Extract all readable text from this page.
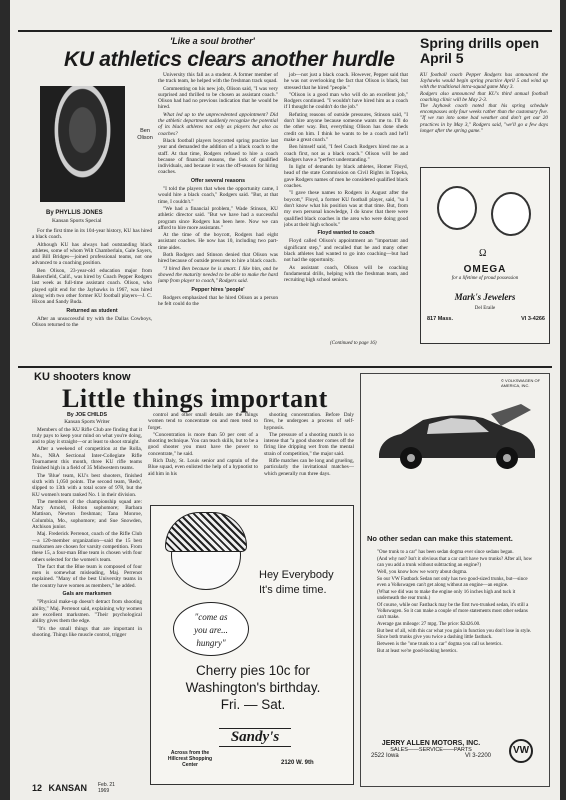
'Like a soul brother'
KU athletics clears another hurdle
Ben
Olison
By PHYLLIS JONES
Kansan Sports Special

For the first time in its 104-year history, KU has hired a black coach.

Although KU has always had outstanding black athletes, some of whom Wilt Chamberlain, Gale Sayers, and Bill Bridges—joined professional teams, not one advanced to a coaching position.

Ben Olison, 23-year-old education major from Bakersfield, Calif., was hired by Coach Pepper Rodgers last week as full-time assistant coach. Olison, who played split end for the Jayhawks in 1967, was hired along with two other former KU football players—J. C. Hixon and Sandy Buda.

Returned as student

After an unsuccessful try with the Dallas Cowboys, Olison returned to the

University this fall as a student. A former member of the track team, he helped with the freshman track squad.

Commenting on his new job, Olison said, "I was very surprised and thrilled to be chosen as assistant coach." Olison had had no previous indication that he would be hired.

What led up to the unprecedented appointment? Did the athletic department suddenly recognize the potential of its black athletes not only as players but also as coaches?

Black football players boycotted spring practice last year and demanded the addition of a black coach to the staff. At that time, Rodgers refused to hire a coach because of financial reasons, the lack of qualified individuals, and because it was the off-season for hiring coaches.

Offer several reasons

"I told the players that when the opportunity came, I would hire a black coach," Rodgers said. "But, at that time, I couldn't."

"We had a financial problem," Wade Stinson, KU athletic director said. "But we have had a successful program since Rodgers has been here. Now we can afford to hire more assistants."

At the time of the boycott, Rodgers had eight assistant coaches. He now has 10, including two part-time aides.

Both Rodgers and Stinson denied that Olison was hired because of outside pressures to hire a black coach.

"I hired Ben because he is smart. I like him, and he showed the maturity needed to be able to make the hard jump from player to coach," Rodgers said.

Pepper hires 'people'

Rodgers emphasized that he hired Olison as a person he felt could do the

job—not just a black coach. However, Pepper said that he was not overlooking the fact that Olison is black, but stressed that he hired "people."

"Olison is a good man who will do an excellent job," Rodgers continued. "I wouldn't have hired him as a coach if I thought he couldn't do the job."

Refuting reasons of outside pressures, Stinson said, "I don't hire anyone because someone wants me to. I'll do the other way. But, everything Olison has done sheds credit on him. I think he wants to be a coach and he'll make a great coach."

Ben himself said, "I feel Coach Rodgers hired me as a coach first, not as a black coach." Olison will be and Rodgers have a "perfect understanding."

In light of demands by black athletes, Homer Floyd, head of the state Commission on Civil Rights in Topeka, gave Rodgers names of men he considered qualified black coaches.

"I gave these names to Rodgers in August after the boycott," Floyd, a former KU football player, said, "so I don't know what his position was at that time. But, from my own personal knowledge, I do know that there were qualified black coaches in the area who were doing good jobs at their high schools."

Floyd wanted to coach

Floyd called Olison's appointment an "important and significant step," and recalled that he and many other black athletes had wanted to go into coaching—but had not had the opportunity.

As assistant coach, Olison will be coaching fundamental drills, helping with the freshman team, and recruiting high school seniors.

(Continued to page 16)
Spring drills open April 5

KU football coach Pepper Rodgers has announced the Jayhawks would begin spring practice April 5 and wind up with the traditional intra-squad game May 3.

Rodgers also announced that KU's third annual football coaching clinic will be May 2-3.

The Jayhawk coach noted that his spring schedule encompasses only four weeks rather than the customary five. "If we run into some bad weather and don't get our 20 practices in by May 3," Rodgers said, "we'll go a few days longer after the spring game."

Ω
OMEGA
for a lifetime of proud possession
Mark's Jewelers
Del Eraile
817 Mass.	VI 3-4266
KU shooters know
Little things important

By JOE CHILDS

Kansan Sports Writer

Members of the KU Rifle Club are finding that it truly pays to keep your mind on what you're doing, and to play it straight—or at least to shoot straight.

After a weekend of competition at the Rolla, Mo., NRA Sectional Inter-Collegiate Rifle Tournament this month, three KU rifle teams finished high in a field of 35 Midwestern teams.

The 'Blue' team, KU's best shooters, finished sixth with 1,050 points. The second team, 'Reds', slipped to 13th with a total score of 978, but the KU women's team ranked No. 1 in their division.

The members of the championship squad are: Mary Arnold, Holton sophomore; Barbara Mattison, Newton freshman; Tana Monroe, Columbia, Mo., sophomore; and Sue Snowden, Atchison junior.

Maj. Frederick Perrenot, coach of the Rifle Club—a 120-member organization—said the 15 best marksmen are chosen for varsity competition. From these 15, a four-man Blue team is chosen with four others selected for the women's team.

The fact that the Blue team is composed of four men is somewhat misleading, Maj. Perrenot explained. "Many of the best University teams in the country have women as members," he added.

Gals are marksmen

"Physical make-up doesn't detract from shooting ability," Maj. Perrenot said, explaining why women are excellent marksmen. "Their psychological ability gives them the edge.

"It's the small things that are important in shooting. Things like muscle control, trigger

control and other small details are the things women tend to concentrate on and men tend to forget.

"Concentration is more than 50 per cent of a shooting technique. You can teach skills, but to be a good shooter you must have the power to concentrate," he said.

Rich Daly, St. Louis senior and captain of the Blue squad, even enlisted the help of a hypnotist to aid him in his

shooting concentration. Before Daly fires, he undergoes a process of self-hypnosis.

The pressure of a shooting match is so intense that "a good shooter comes off the firing line dripping wet from the mental strain of competition," the major said.

Rifle matches can be long and grueling, particularly the invitational matches—which generally run three days.

Hey Everybody
It's dime time.
"come as
you are...
hungry"
Cherry pies 10c for
Washington's birthday.
Fri. — Sat.
Sandy's
Across from the
Hillcrest Shopping
Center	2120 W. 9th
© VOLKSWAGEN OF AMERICA, INC.
No other sedan can make this statement.

"One trunk to a car" has been sedan dogma ever since sedans began.

(And why not? Isn't it obvious that a car can't have two trunks? After all, how can you add a trunk without subtracting an engine?)

Well, you know how we worry about dogma.

So our VW Fastback Sedan not only has two good-sized trunks, but—since even a Volkswagen can't get along without an engine—an engine.

(What we did was to make the engine only 16 inches high and tuck it underneath the rear trunk.)

Of course, while our Fastback may be the first two-trunked sedan, it's still a Volkswagen. So it can make a couple of more statements most other sedans can't make.

Average gas mileage: 27 mpg. The price: $2426.00.

But best of all, with this car what you gain in function you don't lose in style. Since both trunks give you twice a dashing little fastback.

Between is the "one trunk to a car" dogma you call us heretics.

But at least we're good-looking heretics.

JERRY ALLEN MOTORS, INC.
SALES——SERVICE——PARTS
2522 Iowa	VI 3-2200	VW
12 KANSAN Feb. 21
1969
